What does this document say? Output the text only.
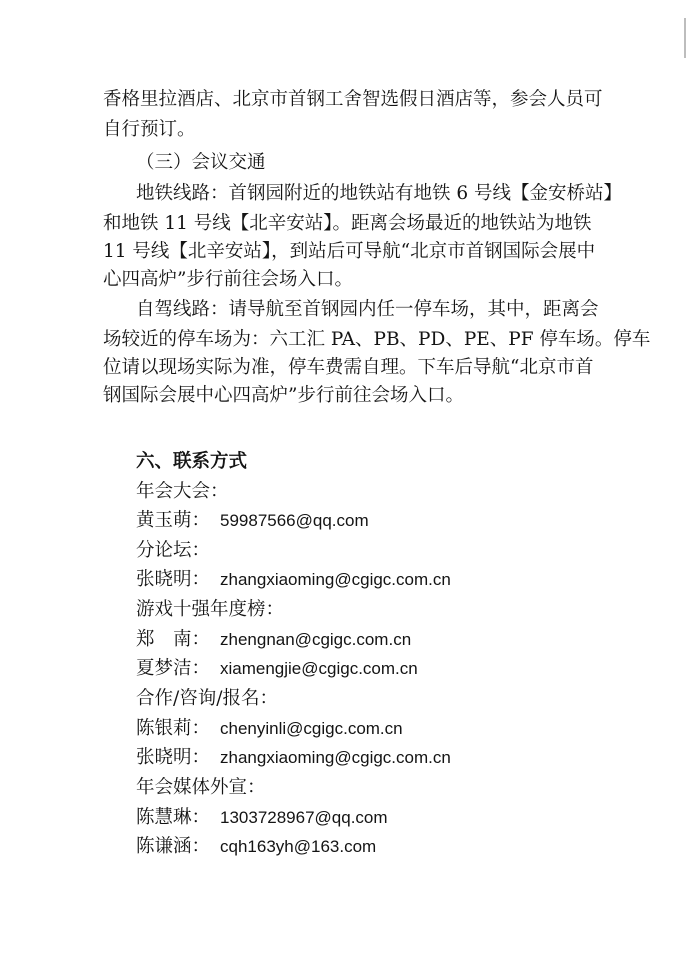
香格里拉酒店、北京市首钢工舍智选假日酒店等，参会人员可
自行预订。
（三）会议交通
地铁线路：首钢园附近的地铁站有地铁 6 号线【金安桥站】
和地铁 11 号线【北辛安站】。距离会场最近的地铁站为地铁
11 号线【北辛安站】，到站后可导航“北京市首钢国际会展中
心四高炉”步行前往会场入口。
自驾线路：请导航至首钢园内任一停车场，其中，距离会
场较近的停车场为：六工汇 PA、PB、PD、PE、PF 停车场。停车
位请以现场实际为准，停车费需自理。下车后导航“北京市首
钢国际会展中心四高炉”步行前往会场入口。
六、联系方式
年会大会：
黄玉萌： 59987566@qq.com
分论坛：
张晓明： zhangxiaoming@cgigc.com.cn
游戏十强年度榜：
郑　南： zhengnan@cgigc.com.cn
夏梦洁： xiamengjie@cgigc.com.cn
合作/咨询/报名：
陈银莉： chenyinli@cgigc.com.cn
张晓明： zhangxiaoming@cgigc.com.cn
年会媒体外宣：
陈慧琳： 1303728967@qq.com
陈谦涵： cqh163yh@163.com
